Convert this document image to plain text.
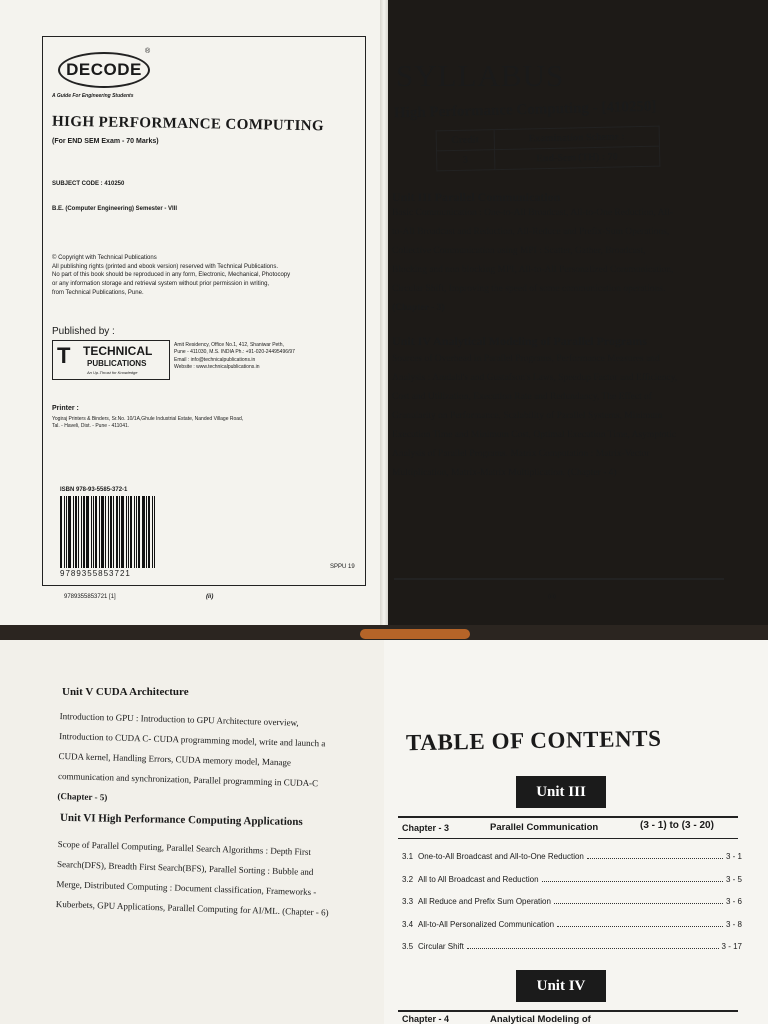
DECODE
®
A Guide For Engineering Students
HIGH PERFORMANCE COMPUTING
(For END SEM Exam - 70 Marks)
SUBJECT CODE : 410250
B.E. (Computer Engineering) Semester - VIII
© Copyright with Technical Publications
All publishing rights (printed and ebook version) reserved with Technical Publications.
No part of this book should be reproduced in any form, Electronic, Mechanical, Photocopy
or any information storage and retrieval system without prior permission in writing,
from Technical Publications, Pune.
Published by :
T TECHNICAL
PUBLICATIONS
An Up-Thrust for Knowledge
Amit Residency, Office No.1, 412, Shaniwar Peth,
Pune - 411030, M.S. INDIA Ph.: +91-020-24495496/97
Email : info@technicalpublications.in
Website : www.technicalpublications.in
Printer :
Yogiraj Printers & Binders, Sr.No. 10/1A,Ghule Industrial Estate, Nanded Village Road,
Tal. - Haveli, Dist. - Pune - 411041.
ISBN 978-93-5585-372-1
9789355853721
SPPU 19
9789355853721 [1]	(ii)
SYLLABUS
High Performance Computing - [410250]
Credit	Examination Scheme :
3	End-Sem (TH) : 70
Unit III Parallel Communication
Basic Communication : One-to-All Broadcast, All-to-One Reduction, All-
to-All Broadcast and Reduction, All-Reduce and Prefix-Sum Operations,
Collective Communication using MPI : Scatter, Gather, Broadcast,
Blocking and non blocking MPI, All-to-All Personalized Communication,
Circular Shift, Improving the speed of some communication operations.
(Chapter - 3)
Unit IV Analytical Modeling of Parallel Programs
Sources of Overhead in Parallel Programs, Performance Measures and
Analysis : Amdahl's and Gustafson's Laws, Speedup Factor and Efficiency,
Cost and Utilization, Execution Rate and Redundancy, The Effect of
Granularity on Performance, Scalability of Parallel Systems, Minimum
Execution Time and Minimum Cost, Optimal Execution Time, Asymptotic
Analysis of Parallel Programs. Matrix Computation : Matrix-Vector
Multiplication, Matrix-Matrix Multiplication. (Chapter - 4)
(iii)
Unit V CUDA Architecture
Introduction to GPU : Introduction to GPU Architecture overview,
Introduction to CUDA C- CUDA programming model, write and launch a
CUDA kernel, Handling Errors, CUDA memory model, Manage
communication and synchronization, Parallel programming in CUDA-C
(Chapter - 5)
Unit VI High Performance Computing Applications
Scope of Parallel Computing, Parallel Search Algorithms : Depth First
Search(DFS), Breadth First Search(BFS), Parallel Sorting : Bubble and
Merge, Distributed Computing : Document classification, Frameworks -
Kuberbets, GPU Applications, Parallel Computing for AI/ML. (Chapter - 6)
TABLE OF CONTENTS
Unit III
Chapter - 3	Parallel Communication	(3 - 1) to (3 - 20)
3.1 One-to-All Broadcast and All-to-One Reduction	3 - 1
3.2 All to All Broadcast and Reduction	3 - 5
3.3 All Reduce and Prefix Sum Operation	3 - 6
3.4 All-to-All Personalized Communication	3 - 8
3.5 Circular Shift	3 - 17
Unit IV
Chapter - 4	Analytical Modeling of
